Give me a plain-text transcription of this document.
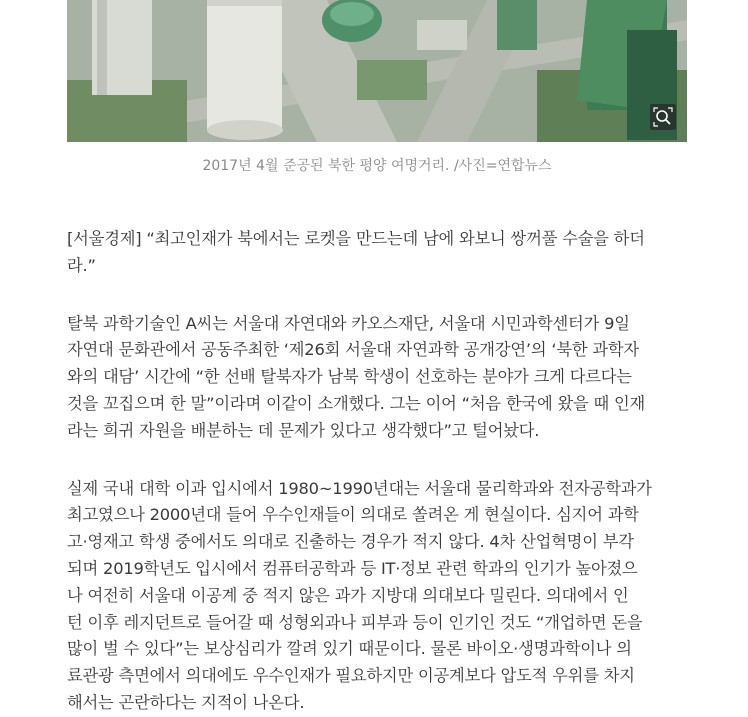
2017년 4월 준공된 북한 평양 여명거리. /사진=연합뉴스

[서울경제] “최고인재가 북에서는 로켓을 만드는데 남에 와보니 쌍꺼풀 수술을 하더
라.”

탈북 과학기술인 A씨는 서울대 자연대와 카오스재단, 서울대 시민과학센터가 9일
자연대 문화관에서 공동주최한 ‘제26회 서울대 자연과학 공개강연’의 ‘북한 과학자
와의 대담’ 시간에 “한 선배 탈북자가 남북 학생이 선호하는 분야가 크게 다르다는
것을 꼬집으며 한 말”이라며 이같이 소개했다. 그는 이어 “처음 한국에 왔을 때 인재
라는 희귀 자원을 배분하는 데 문제가 있다고 생각했다”고 털어놨다.

실제 국내 대학 이과 입시에서 1980~1990년대는 서울대 물리학과와 전자공학과가
최고였으나 2000년대 들어 우수인재들이 의대로 쏠려온 게 현실이다. 심지어 과학
고·영재고 학생 중에서도 의대로 진출하는 경우가 적지 않다. 4차 산업혁명이 부각
되며 2019학년도 입시에서 컴퓨터공학과 등 IT·정보 관련 학과의 인기가 높아졌으
나 여전히 서울대 이공계 중 적지 않은 과가 지방대 의대보다 밀린다. 의대에서 인
턴 이후 레지던트로 들어갈 때 성형외과나 피부과 등이 인기인 것도 “개업하면 돈을
많이 벌 수 있다”는 보상심리가 깔려 있기 때문이다. 물론 바이오·생명과학이나 의
료관광 측면에서 의대에도 우수인재가 필요하지만 이공계보다 압도적 우위를 차지
해서는 곤란하다는 지적이 나온다.
